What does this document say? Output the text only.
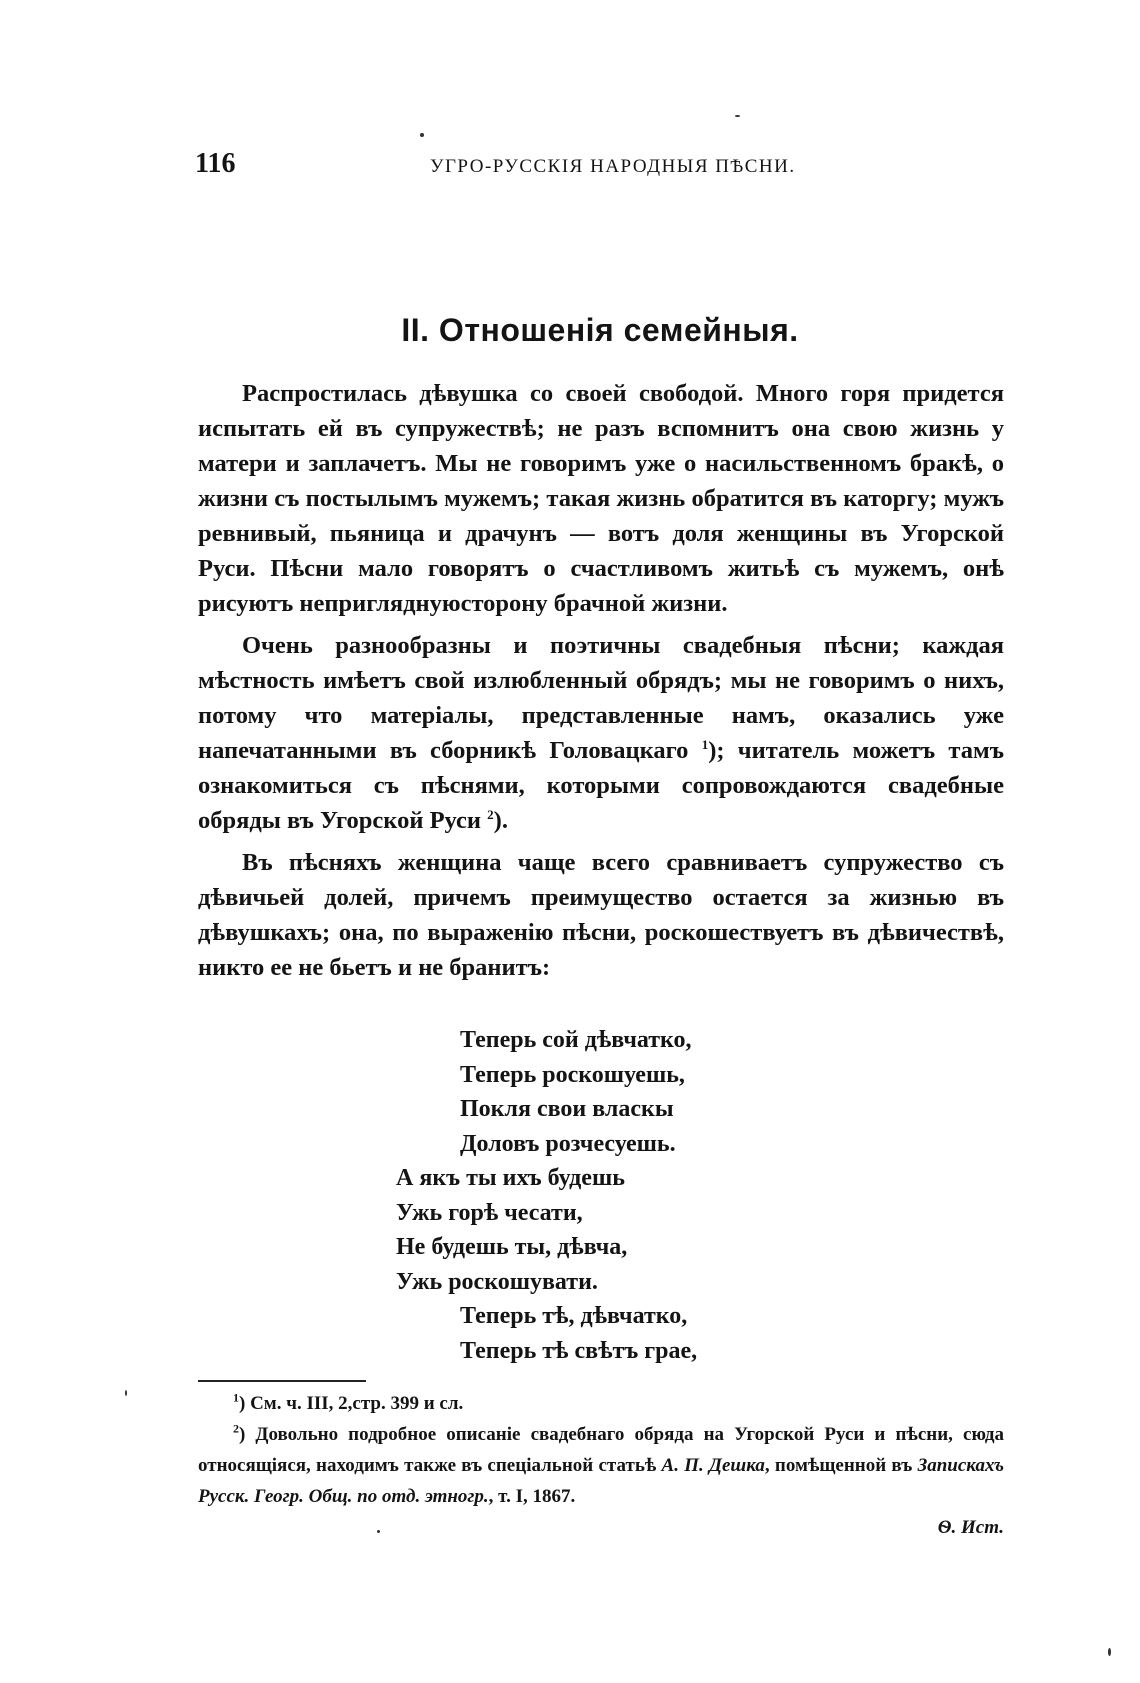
116	УГРО-РУССКІЯ НАРОДНЫЯ ПѢСНИ.
II. Отношенія семейныя.

Распростилась дѣвушка со своей свободой. Много горя придется испытать ей въ супружествѣ; не разъ вспомнитъ она свою жизнь у матери и заплачетъ. Мы не говоримъ уже о насильственномъ бракѣ, о жизни съ постылымъ мужемъ; такая жизнь обратится въ каторгу; мужъ ревнивый, пьяница и драчунъ — вотъ доля женщины въ Угорской Руси. Пѣсни мало говорятъ о счастливомъ житьѣ съ мужемъ, онѣ рисуютъ непригляднуюсторону брачной жизни.

Очень разнообразны и поэтичны свадебныя пѣсни; каждая мѣстность имѣетъ свой излюбленный обрядъ; мы не говоримъ о нихъ, потому что матеріалы, представленные намъ, оказались уже напечатанными въ сборникѣ Головацкаго $^1$); читатель можетъ тамъ ознакомиться съ пѣснями, которыми сопровождаются свадебные обряды въ Угорской Руси $^2$).

Въ пѣсняхъ женщина чаще всего сравниваетъ супружество съ дѣвичьей долей, причемъ преимущество остается за жизнью въ дѣвушкахъ; она, по выраженію пѣсни, роскошествуетъ въ дѣвичествѣ, никто ее не бьетъ и не бранитъ:

Теперь сой дѣвчатко,
Теперь роскошуешь,
Покля свои власкы
Доловъ розчесуешь.
А якъ ты ихъ будешь
Ужь горѣ чесати,
Не будешь ты, дѣвча,
Ужь роскошувати.
Теперь тѣ, дѣвчатко,
Теперь тѣ свѣтъ грае,

$^1$) См. ч. III, 2,стр. 399 и сл.

$^2$) Довольно подробное описаніе свадебнаго обряда на Угорской Руси и пѣсни, сюда относящіяся, находимъ также въ спеціальной статьѣ А. П. Дешка, помѣщенной въ Запискахъ Русск. Геогр. Общ. по отд. этногр., т. I, 1867.

Ѳ. Ист.
